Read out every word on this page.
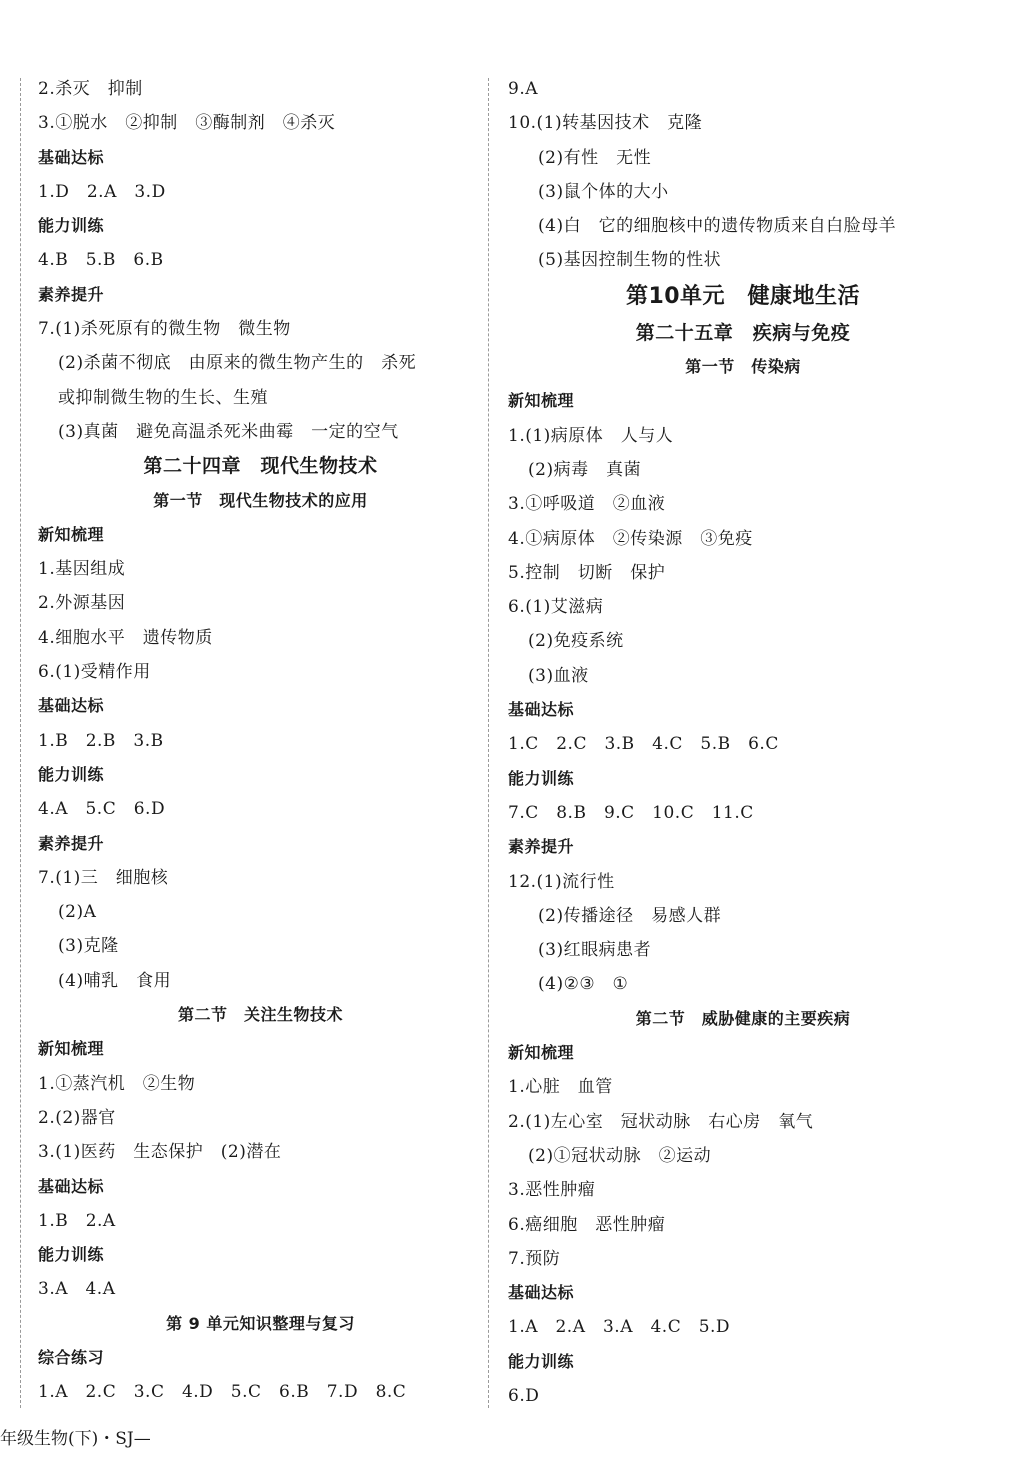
2.杀灭　抑制
3.①脱水　②抑制　③酶制剂　④杀灭
基础达标
1.D　2.A　3.D
能力训练
4.B　5.B　6.B
素养提升
7.(1)杀死原有的微生物　微生物
(2)杀菌不彻底　由原来的微生物产生的　杀死
或抑制微生物的生长、生殖
(3)真菌　避免高温杀死米曲霉　一定的空气
第二十四章　现代生物技术
第一节　现代生物技术的应用
新知梳理
1.基因组成
2.外源基因
4.细胞水平　遗传物质
6.(1)受精作用
基础达标
1.B　2.B　3.B
能力训练
4.A　5.C　6.D
素养提升
7.(1)三　细胞核
(2)A
(3)克隆
(4)哺乳　食用
第二节　关注生物技术
新知梳理
1.①蒸汽机　②生物
2.(2)器官
3.(1)医药　生态保护　(2)潜在
基础达标
1.B　2.A
能力训练
3.A　4.A
第 9 单元知识整理与复习
综合练习
1.A　2.C　3.C　4.D　5.C　6.B　7.D　8.C
9.A
10.(1)转基因技术　克隆
(2)有性　无性
(3)鼠个体的大小
(4)白　它的细胞核中的遗传物质来自白脸母羊
(5)基因控制生物的性状
第10单元　健康地生活
第二十五章　疾病与免疫
第一节　传染病
新知梳理
1.(1)病原体　人与人
(2)病毒　真菌
3.①呼吸道　②血液
4.①病原体　②传染源　③免疫
5.控制　切断　保护
6.(1)艾滋病
(2)免疫系统
(3)血液
基础达标
1.C　2.C　3.B　4.C　5.B　6.C
能力训练
7.C　8.B　9.C　10.C　11.C
素养提升
12.(1)流行性
(2)传播途径　易感人群
(3)红眼病患者
(4)②③　①
第二节　威胁健康的主要疾病
新知梳理
1.心脏　血管
2.(1)左心室　冠状动脉　右心房　氧气
(2)①冠状动脉　②运动
3.恶性肿瘤
6.癌细胞　恶性肿瘤
7.预防
基础达标
1.A　2.A　3.A　4.C　5.D
能力训练
6.D
年级生物(下)・SJ—
